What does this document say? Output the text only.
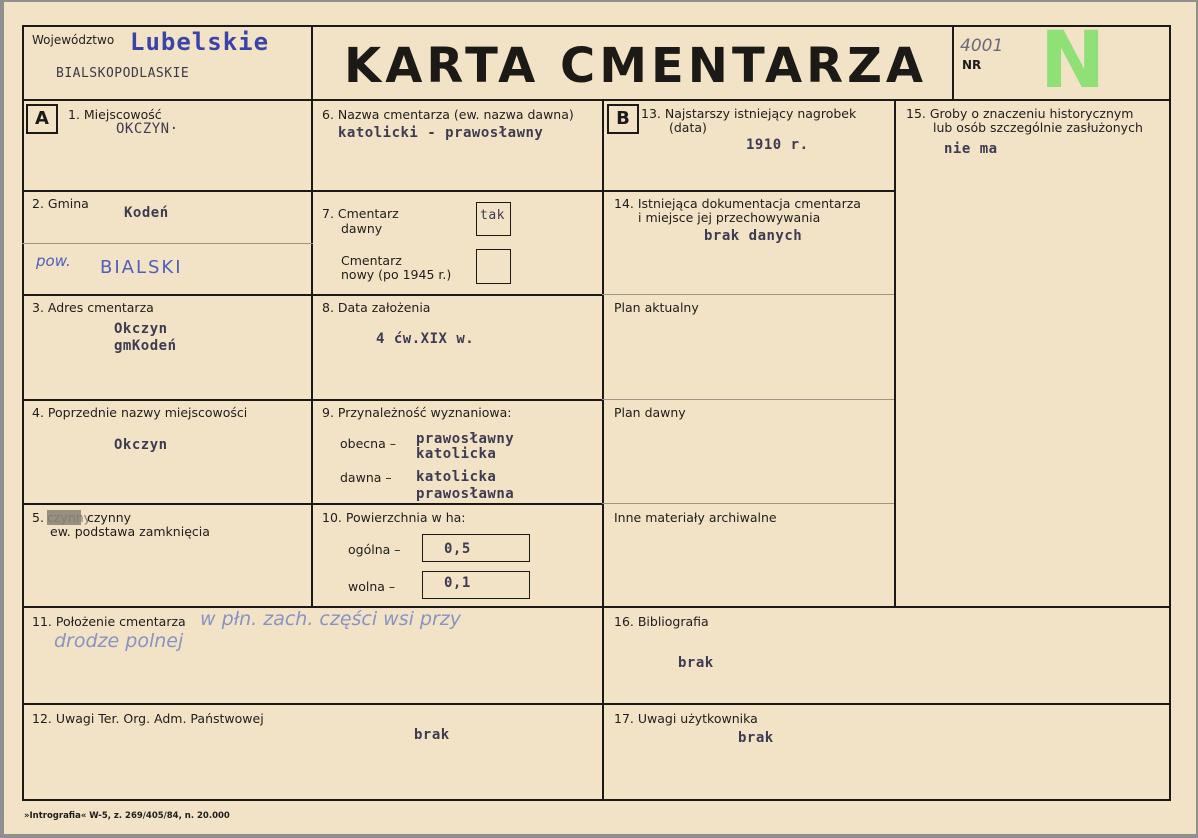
Województwo Lubelskie
BIALSKOPODLASKIE	KARTA CMENTARZA 4001
NR N
A	B
1. Miejscowość
OKCZYN·
2. Gmina
Kodeń
pow. BIALSKI
3. Adres cmentarza
Okczyn
gmKodeń
4. Poprzednie nazwy miejscowości
Okczyn
5. czynny
czynny
ew. podstawa zamknięcia
6. Nazwa cmentarza (ew. nazwa dawna)
katolicki - prawosławny
7. Cmentarz
dawny
tak
Cmentarz
nowy (po 1945 r.)
8. Data założenia
4 ćw.XIX w.
9. Przynależność wyznaniowa:
obecna – prawosławny
katolicka
dawna – katolicka
prawosławna
10. Powierzchnia w ha:
ogólna –	0,5
wolna –	0,1
13. Najstarszy istniejący nagrobek
(data)
1910 r.
14. Istniejąca dokumentacja cmentarza
i miejsce jej przechowywania
brak danych
Plan aktualny
Plan dawny
Inne materiały archiwalne
15. Groby o znaczeniu historycznym
lub osób szczególnie zasłużonych
nie ma
11. Położenie cmentarza w płn. zach. części wsi przy
drodze polnej
16. Bibliografia
brak
12. Uwagi Ter. Org. Adm. Państwowej
brak
17. Uwagi użytkownika
brak
»Intrografia« W-5, z. 269/405/84, n. 20.000
